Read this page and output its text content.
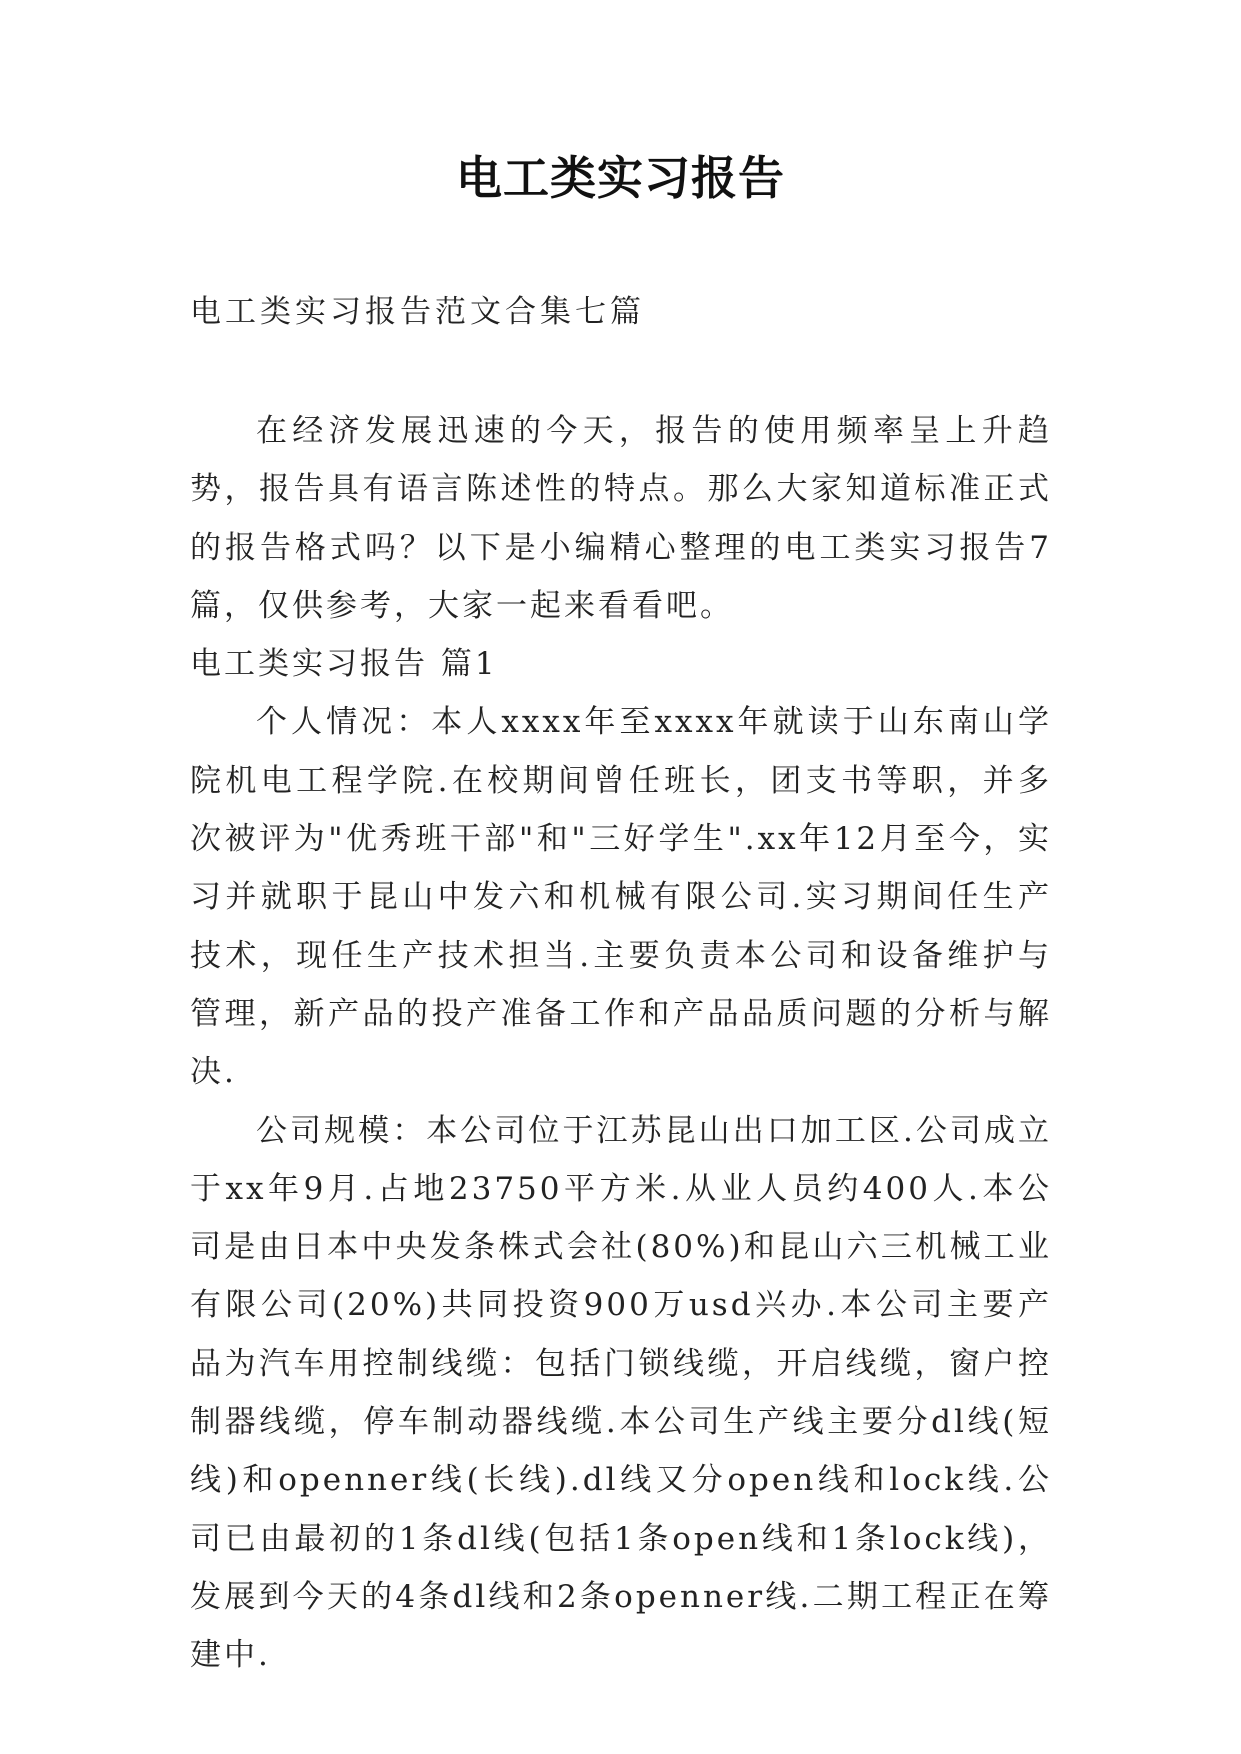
电工类实习报告

电工类实习报告范文合集七篇

在经济发展迅速的今天，报告的使用频率呈上升趋势，报告具有语言陈述性的特点。那么大家知道标准正式的报告格式吗？以下是小编精心整理的电工类实习报告7篇，仅供参考，大家一起来看看吧。

电工类实习报告 篇1

个人情况：本人xxxx年至xxxx年就读于山东南山学院机电工程学院.在校期间曾任班长，团支书等职，并多次被评为"优秀班干部"和"三好学生".xx年12月至今，实习并就职于昆山中发六和机械有限公司.实习期间任生产技术，现任生产技术担当.主要负责本公司和设备维护与管理，新产品的投产准备工作和产品品质问题的分析与解决.

公司规模：本公司位于江苏昆山出口加工区.公司成立于xx年9月.占地23750平方米.从业人员约400人.本公司是由日本中央发条株式会社(80%)和昆山六三机械工业有限公司(20%)共同投资900万usd兴办.本公司主要产品为汽车用控制线缆：包括门锁线缆，开启线缆，窗户控制器线缆，停车制动器线缆.本公司生产线主要分dl线(短线)和openner线(长线).dl线又分open线和lock线.公司已由最初的1条dl线(包括1条open线和1条lock线)，发展到今天的4条dl线和2条openner线.二期工程正在筹建中.
